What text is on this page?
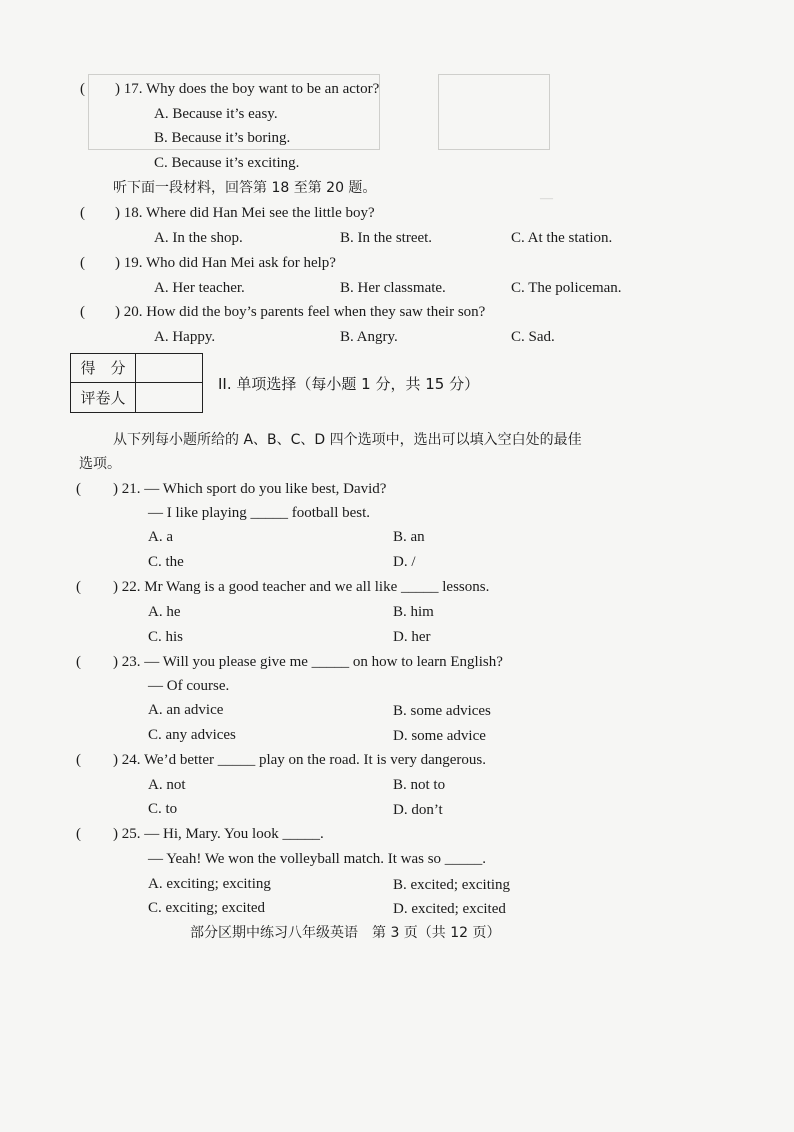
—
( ) 17. Why does the boy want to be an actor?
A. Because it’s easy.
B. Because it’s boring.
C. Because it’s exciting.
听下面一段材料，回答第 18 至第 20 题。
( ) 18. Where did Han Mei see the little boy?
A. In the shop.	B. In the street.	C. At the station.
( ) 19. Who did Han Mei ask for help?
A. Her teacher.	B. Her classmate.	C. The policeman.
( ) 20. How did the boy’s parents feel when they saw their son?
A. Happy.	B. Angry.	C. Sad.
得　分
评卷人
II. 单项选择（每小题 1 分，共 15 分）
从下列每小题所给的 A、B、C、D 四个选项中，选出可以填入空白处的最佳
选项。
( ) 21. — Which sport do you like best, David?
— I like playing _____ football best.
A. a	B. an
C. the	D. /
( ) 22. Mr Wang is a good teacher and we all like _____ lessons.
A. he	B. him
C. his	D. her
( ) 23. — Will you please give me _____ on how to learn English?
— Of course.
A. an advice	B. some advices
C. any advices	D. some advice
( ) 24. We’d better _____ play on the road. It is very dangerous.
A. not	B. not to
C. to	D. don’t
( ) 25. — Hi, Mary. You look _____.
— Yeah! We won the volleyball match. It was so _____.
A. exciting; exciting	B. excited; exciting
C. exciting; excited	D. excited; excited
部分区期中练习八年级英语　第 3 页（共 12 页）
